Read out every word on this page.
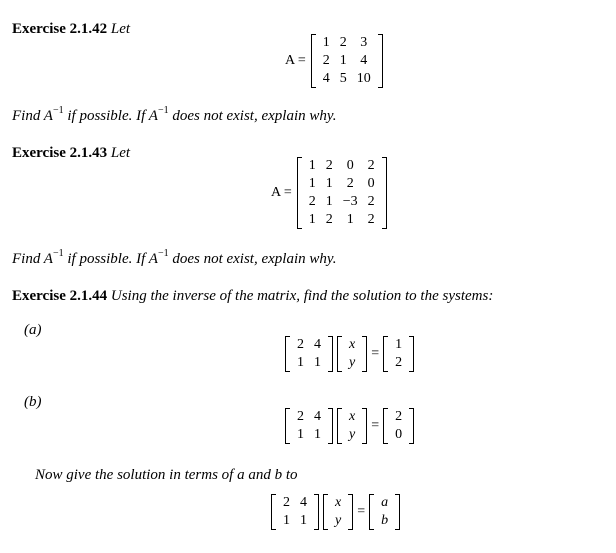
Exercise 2.1.42 Let
A =
1	2	3
2	1	4
4	5	10
Find $A^{-1}$ if possible. If $A^{-1}$ does not exist, explain why.
Exercise 2.1.43 Let
A =
1	2	0	2
1	1	2	0
2	1	−3	2
1	2	1	2
Find $A^{-1}$ if possible. If $A^{-1}$ does not exist, explain why.
Exercise 2.1.44 Using the inverse of the matrix, find the solution to the systems:
(a)
2	4
1	1
x
y
=
1
2
(b)
2	4
1	1
x
y
=
2
0
Now give the solution in terms of a and b to
2	4
1	1
x
y
=
a
b
